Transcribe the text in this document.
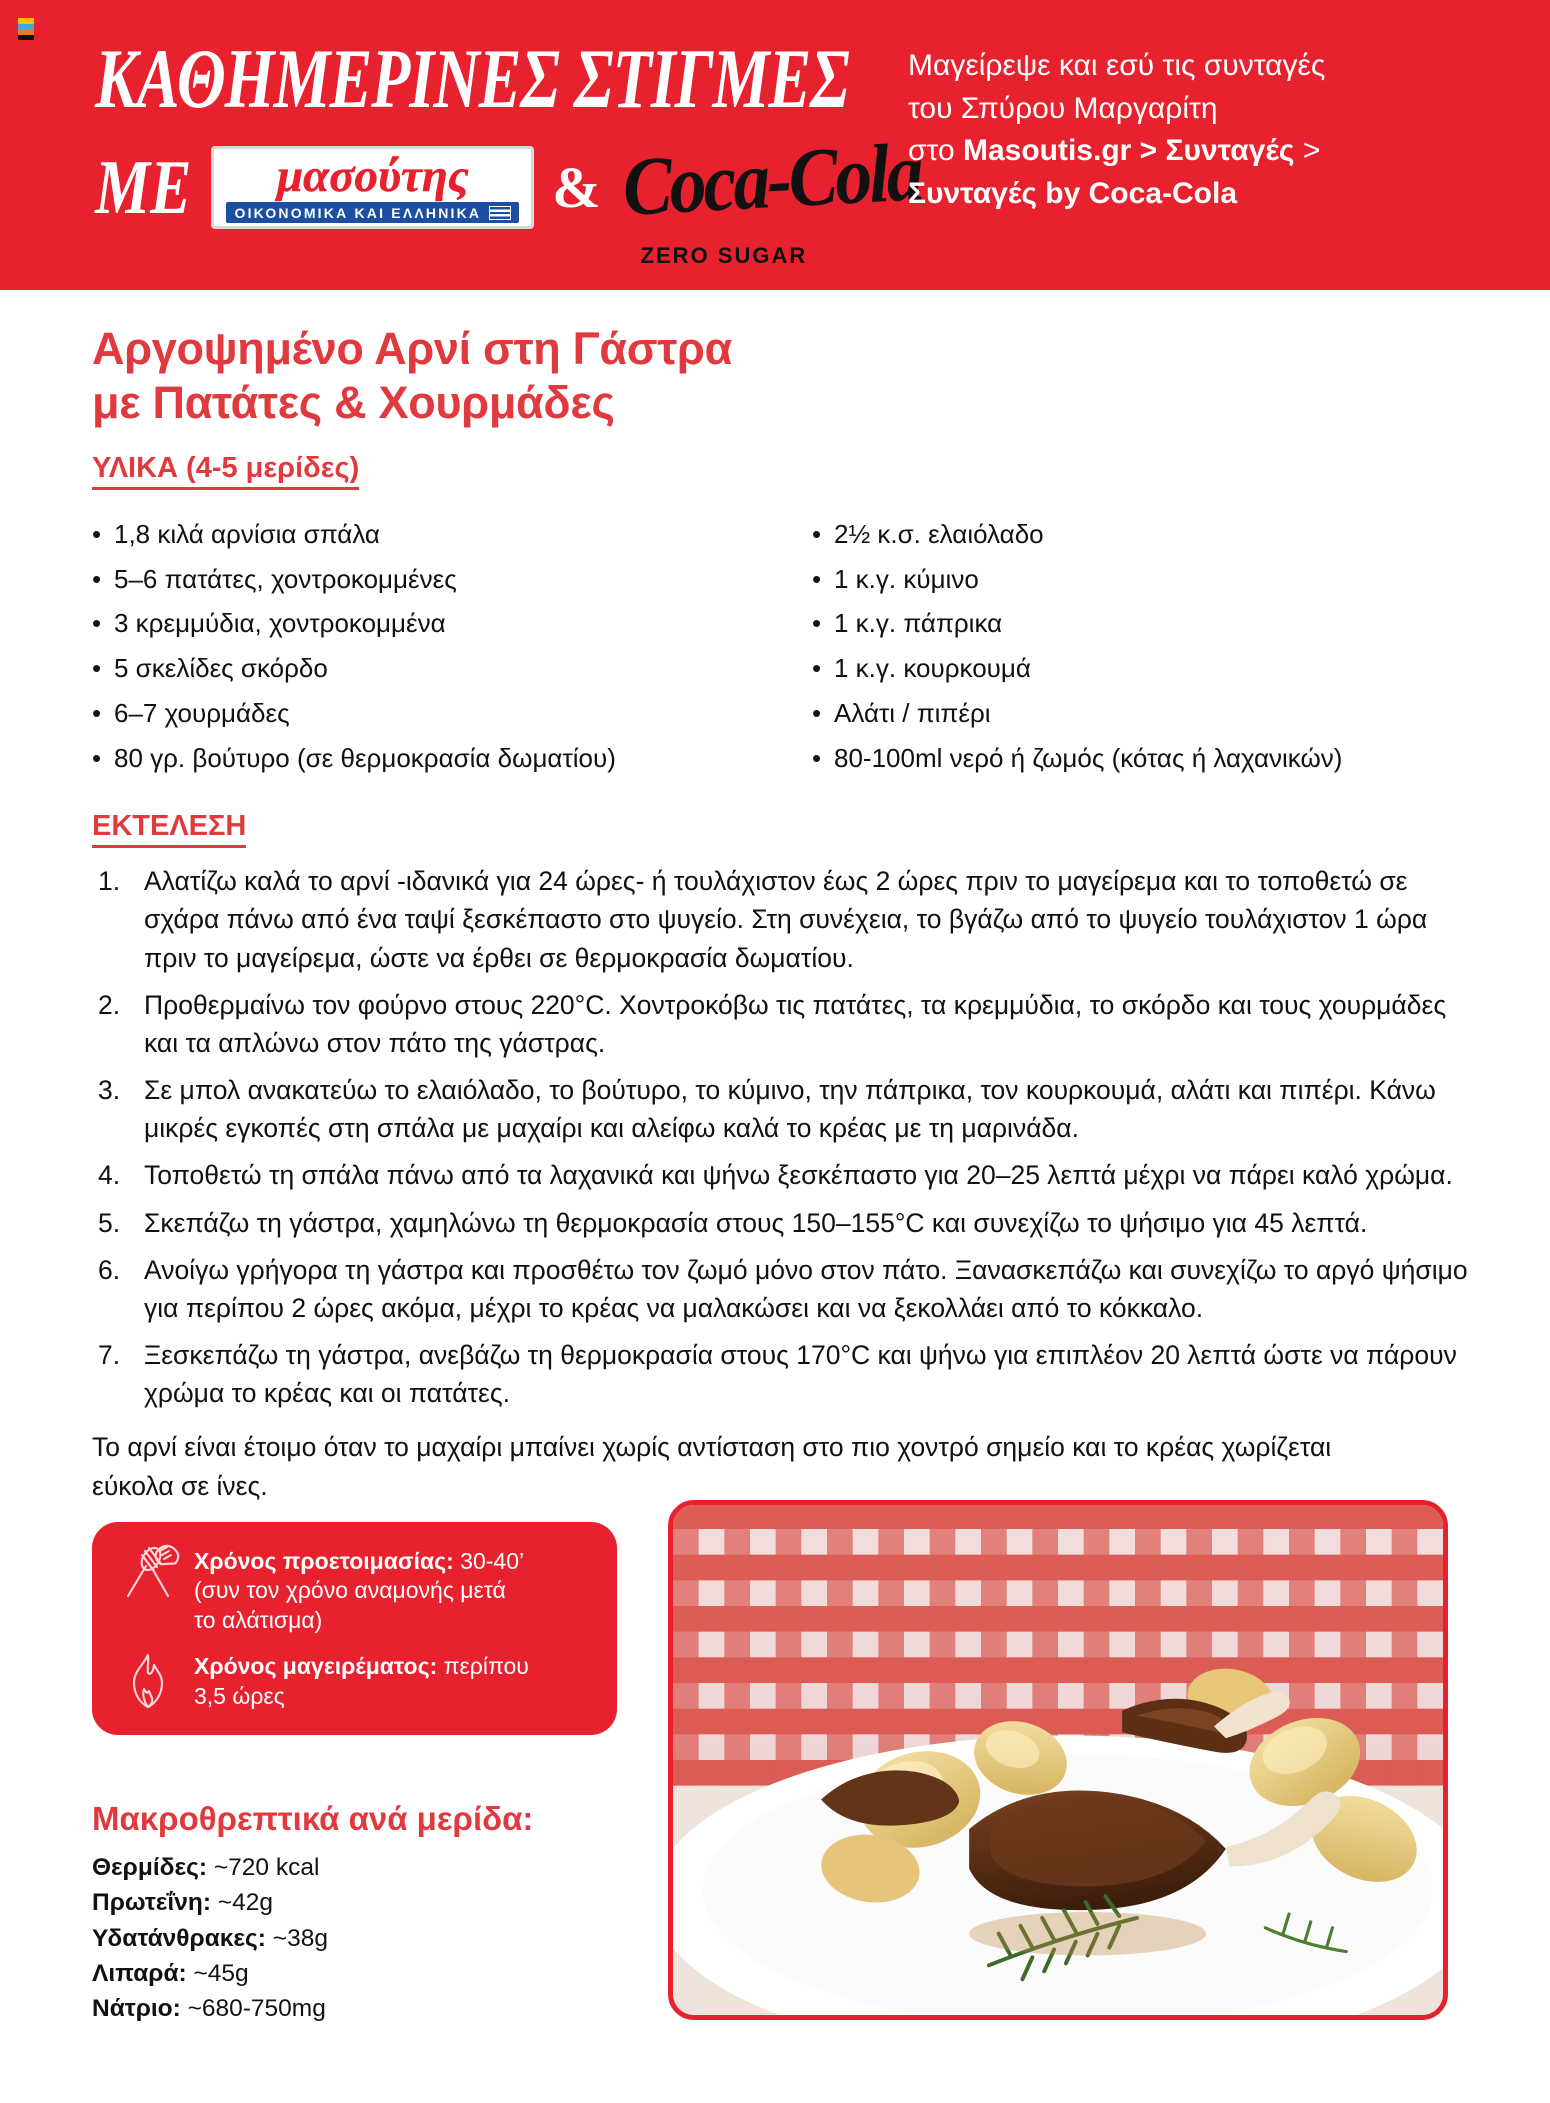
ΚΑΘΗΜΕΡΙΝΕΣ ΣΤΙΓΜΕΣ
ΜΕ	μασούτης
ΟΙΚΟΝΟΜΙΚΑ ΚΑΙ ΕΛΛΗΝΙΚΑ & Coca-Cola
ZERO SUGAR
Μαγείρεψε και εσύ τις συνταγές
του Σπύρου Μαργαρίτη
στο Masoutis.gr > Συνταγές >
Συνταγές by Coca-Cola
Αργοψημένο Αρνί στη Γάστρα
με Πατάτες & Χουρμάδες
ΥΛΙΚΑ (4-5 μερίδες)
• 1,8 κιλά αρνίσια σπάλα	• 2½ κ.σ. ελαιόλαδο
• 5–6 πατάτες, χοντροκομμένες	• 1 κ.γ. κύμινο
• 3 κρεμμύδια, χοντροκομμένα	• 1 κ.γ. πάπρικα
• 5 σκελίδες σκόρδο	• 1 κ.γ. κουρκουμά
• 6–7 χουρμάδες	• Αλάτι / πιπέρι
• 80 γρ. βούτυρο (σε θερμοκρασία δωματίου)	• 80-100ml νερό ή ζωμός (κότας ή λαχανικών)
ΕΚΤΕΛΕΣΗ
1. Αλατίζω καλά το αρνί -ιδανικά για 24 ώρες- ή τουλάχιστον έως 2 ώρες πριν το μαγείρεμα και το τοποθετώ σε σχάρα πάνω από ένα ταψί ξεσκέπαστο στο ψυγείο. Στη συνέχεια, το βγάζω από το ψυγείο τουλάχιστον 1 ώρα πριν το μαγείρεμα, ώστε να έρθει σε θερμοκρασία δωματίου.
2. Προθερμαίνω τον φούρνο στους 220°C. Χοντροκόβω τις πατάτες, τα κρεμμύδια, το σκόρδο και τους χουρμάδες και τα απλώνω στον πάτο της γάστρας.
3. Σε μπολ ανακατεύω το ελαιόλαδο, το βούτυρο, το κύμινο, την πάπρικα, τον κουρκουμά, αλάτι και πιπέρι. Κάνω μικρές εγκοπές στη σπάλα με μαχαίρι και αλείφω καλά το κρέας με τη μαρινάδα.
4. Τοποθετώ τη σπάλα πάνω από τα λαχανικά και ψήνω ξεσκέπαστο για 20–25 λεπτά μέχρι να πάρει καλό χρώμα.
5. Σκεπάζω τη γάστρα, χαμηλώνω τη θερμοκρασία στους 150–155°C και συνεχίζω το ψήσιμο για 45 λεπτά.
6. Ανοίγω γρήγορα τη γάστρα και προσθέτω τον ζωμό μόνο στον πάτο. Ξανασκεπάζω και συνεχίζω το αργό ψήσιμο για περίπου 2 ώρες ακόμα, μέχρι το κρέας να μαλακώσει και να ξεκολλάει από το κόκκαλο.
7. Ξεσκεπάζω τη γάστρα, ανεβάζω τη θερμοκρασία στους 170°C και ψήνω για επιπλέον 20 λεπτά ώστε να πάρουν χρώμα το κρέας και οι πατάτες.
Το αρνί είναι έτοιμο όταν το μαχαίρι μπαίνει χωρίς αντίσταση στο πιο χοντρό σημείο και το κρέας χωρίζεται εύκολα σε ίνες.
Χρόνος προετοιμασίας: 30-40’
(συν τον χρόνο αναμονής μετά
το αλάτισμα)
Χρόνος μαγειρέματος: περίπου
3,5 ώρες
Μακροθρεπτικά ανά μερίδα:
Θερμίδες: ~720 kcal
Πρωτεΐνη: ~42g
Υδατάνθρακες: ~38g
Λιπαρά: ~45g
Νάτριο: ~680-750mg
